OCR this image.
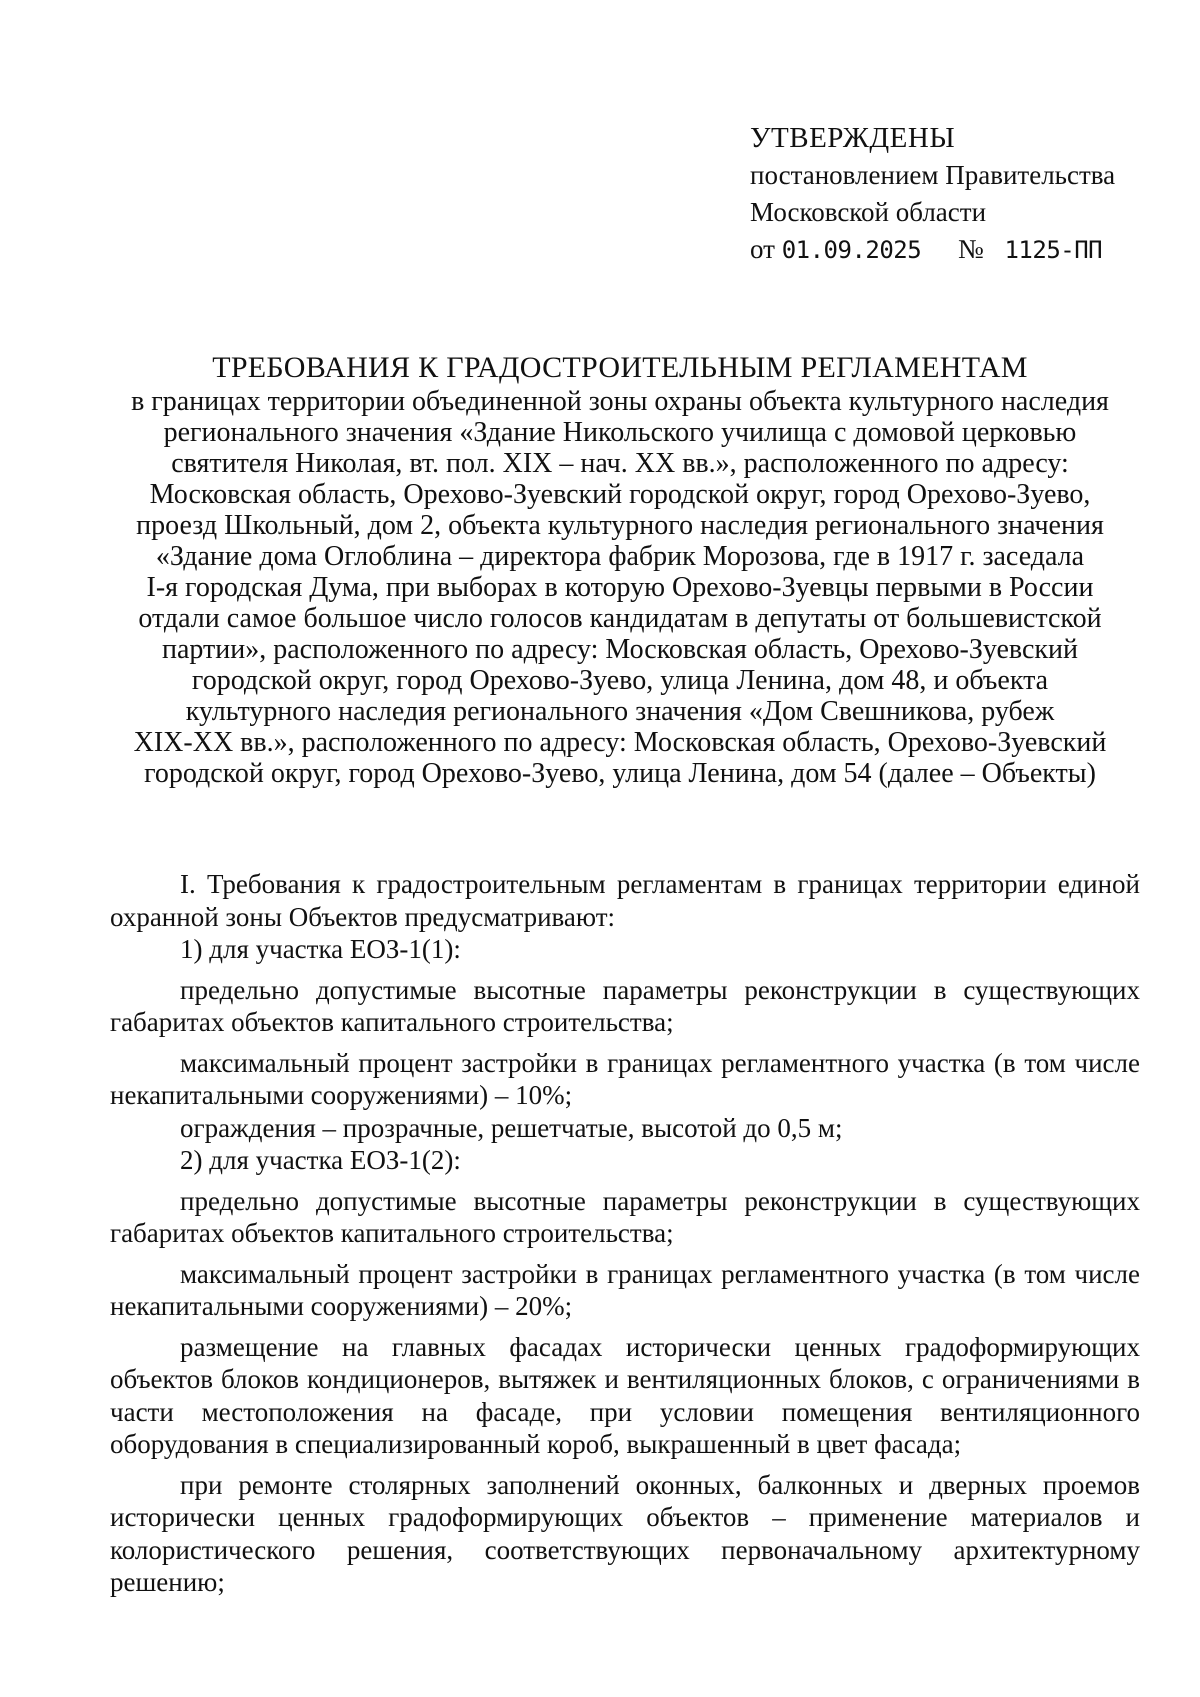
УТВЕРЖДЕНЫ
постановлением Правительства
Московской области
от 01.09.2025 № 1125-ПП
ТРЕБОВАНИЯ К ГРАДОСТРОИТЕЛЬНЫМ РЕГЛАМЕНТАМ
в границах территории объединенной зоны охраны объекта культурного наследия
регионального значения «Здание Никольского училища с домовой церковью
святителя Николая, вт. пол. XIX – нач. XX вв.», расположенного по адресу:
Московская область, Орехово-Зуевский городской округ, город Орехово-Зуево,
проезд Школьный, дом 2, объекта культурного наследия регионального значения
«Здание дома Оглоблина – директора фабрик Морозова, где в 1917 г. заседала
I-я городская Дума, при выборах в которую Орехово-Зуевцы первыми в России
отдали самое большое число голосов кандидатам в депутаты от большевистской
партии», расположенного по адресу: Московская область, Орехово-Зуевский
городской округ, город Орехово-Зуево, улица Ленина, дом 48, и объекта
культурного наследия регионального значения «Дом Свешникова, рубеж
XIX-XX вв.», расположенного по адресу: Московская область, Орехово-Зуевский
городской округ, город Орехово-Зуево, улица Ленина, дом 54 (далее – Объекты)

I. Требования к градостроительным регламентам в границах территории единой охранной зоны Объектов предусматривают:

1) для участка ЕОЗ-1(1):

предельно допустимые высотные параметры реконструкции в существующих габаритах объектов капитального строительства;

максимальный процент застройки в границах регламентного участка (в том числе некапитальными сооружениями) – 10%;

ограждения – прозрачные, решетчатые, высотой до 0,5 м;

2) для участка ЕОЗ-1(2):

предельно допустимые высотные параметры реконструкции в существующих габаритах объектов капитального строительства;

максимальный процент застройки в границах регламентного участка (в том числе некапитальными сооружениями) – 20%;

размещение на главных фасадах исторически ценных градоформирующих объектов блоков кондиционеров, вытяжек и вентиляционных блоков, с ограничениями в части местоположения на фасаде, при условии помещения вентиляционного оборудования в специализированный короб, выкрашенный в цвет фасада;

при ремонте столярных заполнений оконных, балконных и дверных проемов исторически ценных градоформирующих объектов – применение материалов и колористического решения, соответствующих первоначальному архитектурному решению;
